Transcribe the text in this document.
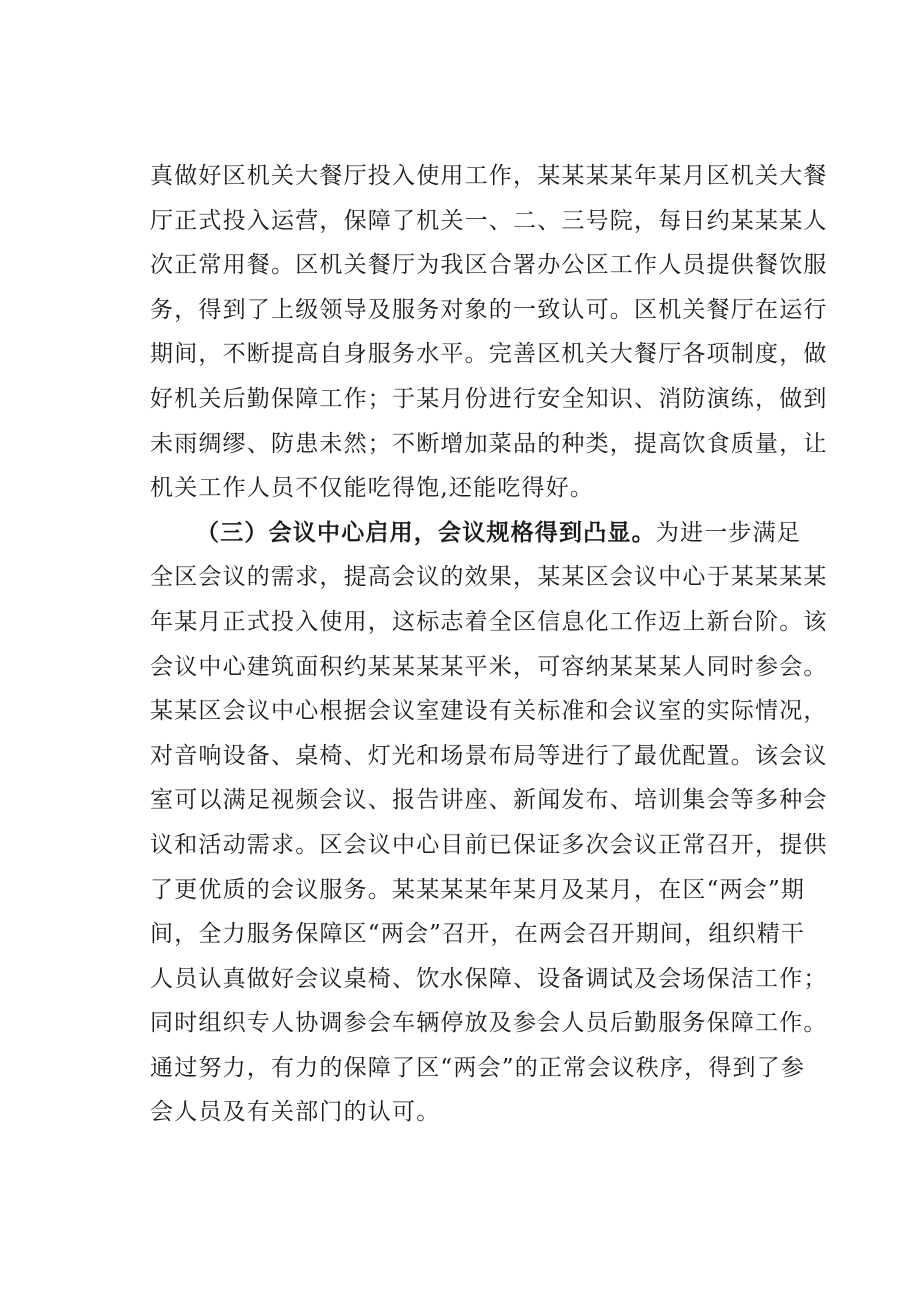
真做好区机关大餐厅投入使用工作，某某某某年某月区机关大餐
厅正式投入运营，保障了机关一、二、三号院，每日约某某某人
次正常用餐。区机关餐厅为我区合署办公区工作人员提供餐饮服
务，得到了上级领导及服务对象的一致认可。区机关餐厅在运行
期间，不断提高自身服务水平。完善区机关大餐厅各项制度，做
好机关后勤保障工作；于某月份进行安全知识、消防演练，做到
未雨绸缪、防患未然；不断增加菜品的种类，提高饮食质量，让
机关工作人员不仅能吃得饱,还能吃得好。
（三）会议中心启用，会议规格得到凸显。为进一步满足
全区会议的需求，提高会议的效果，某某区会议中心于某某某某
年某月正式投入使用，这标志着全区信息化工作迈上新台阶。该
会议中心建筑面积约某某某某平米，可容纳某某某人同时参会。
某某区会议中心根据会议室建设有关标准和会议室的实际情况，
对音响设备、桌椅、灯光和场景布局等进行了最优配置。该会议
室可以满足视频会议、报告讲座、新闻发布、培训集会等多种会
议和活动需求。区会议中心目前已保证多次会议正常召开，提供
了更优质的会议服务。某某某某年某月及某月，在区“两会”期
间，全力服务保障区“两会”召开，在两会召开期间，组织精干
人员认真做好会议桌椅、饮水保障、设备调试及会场保洁工作；
同时组织专人协调参会车辆停放及参会人员后勤服务保障工作。
通过努力，有力的保障了区“两会”的正常会议秩序，得到了参
会人员及有关部门的认可。
